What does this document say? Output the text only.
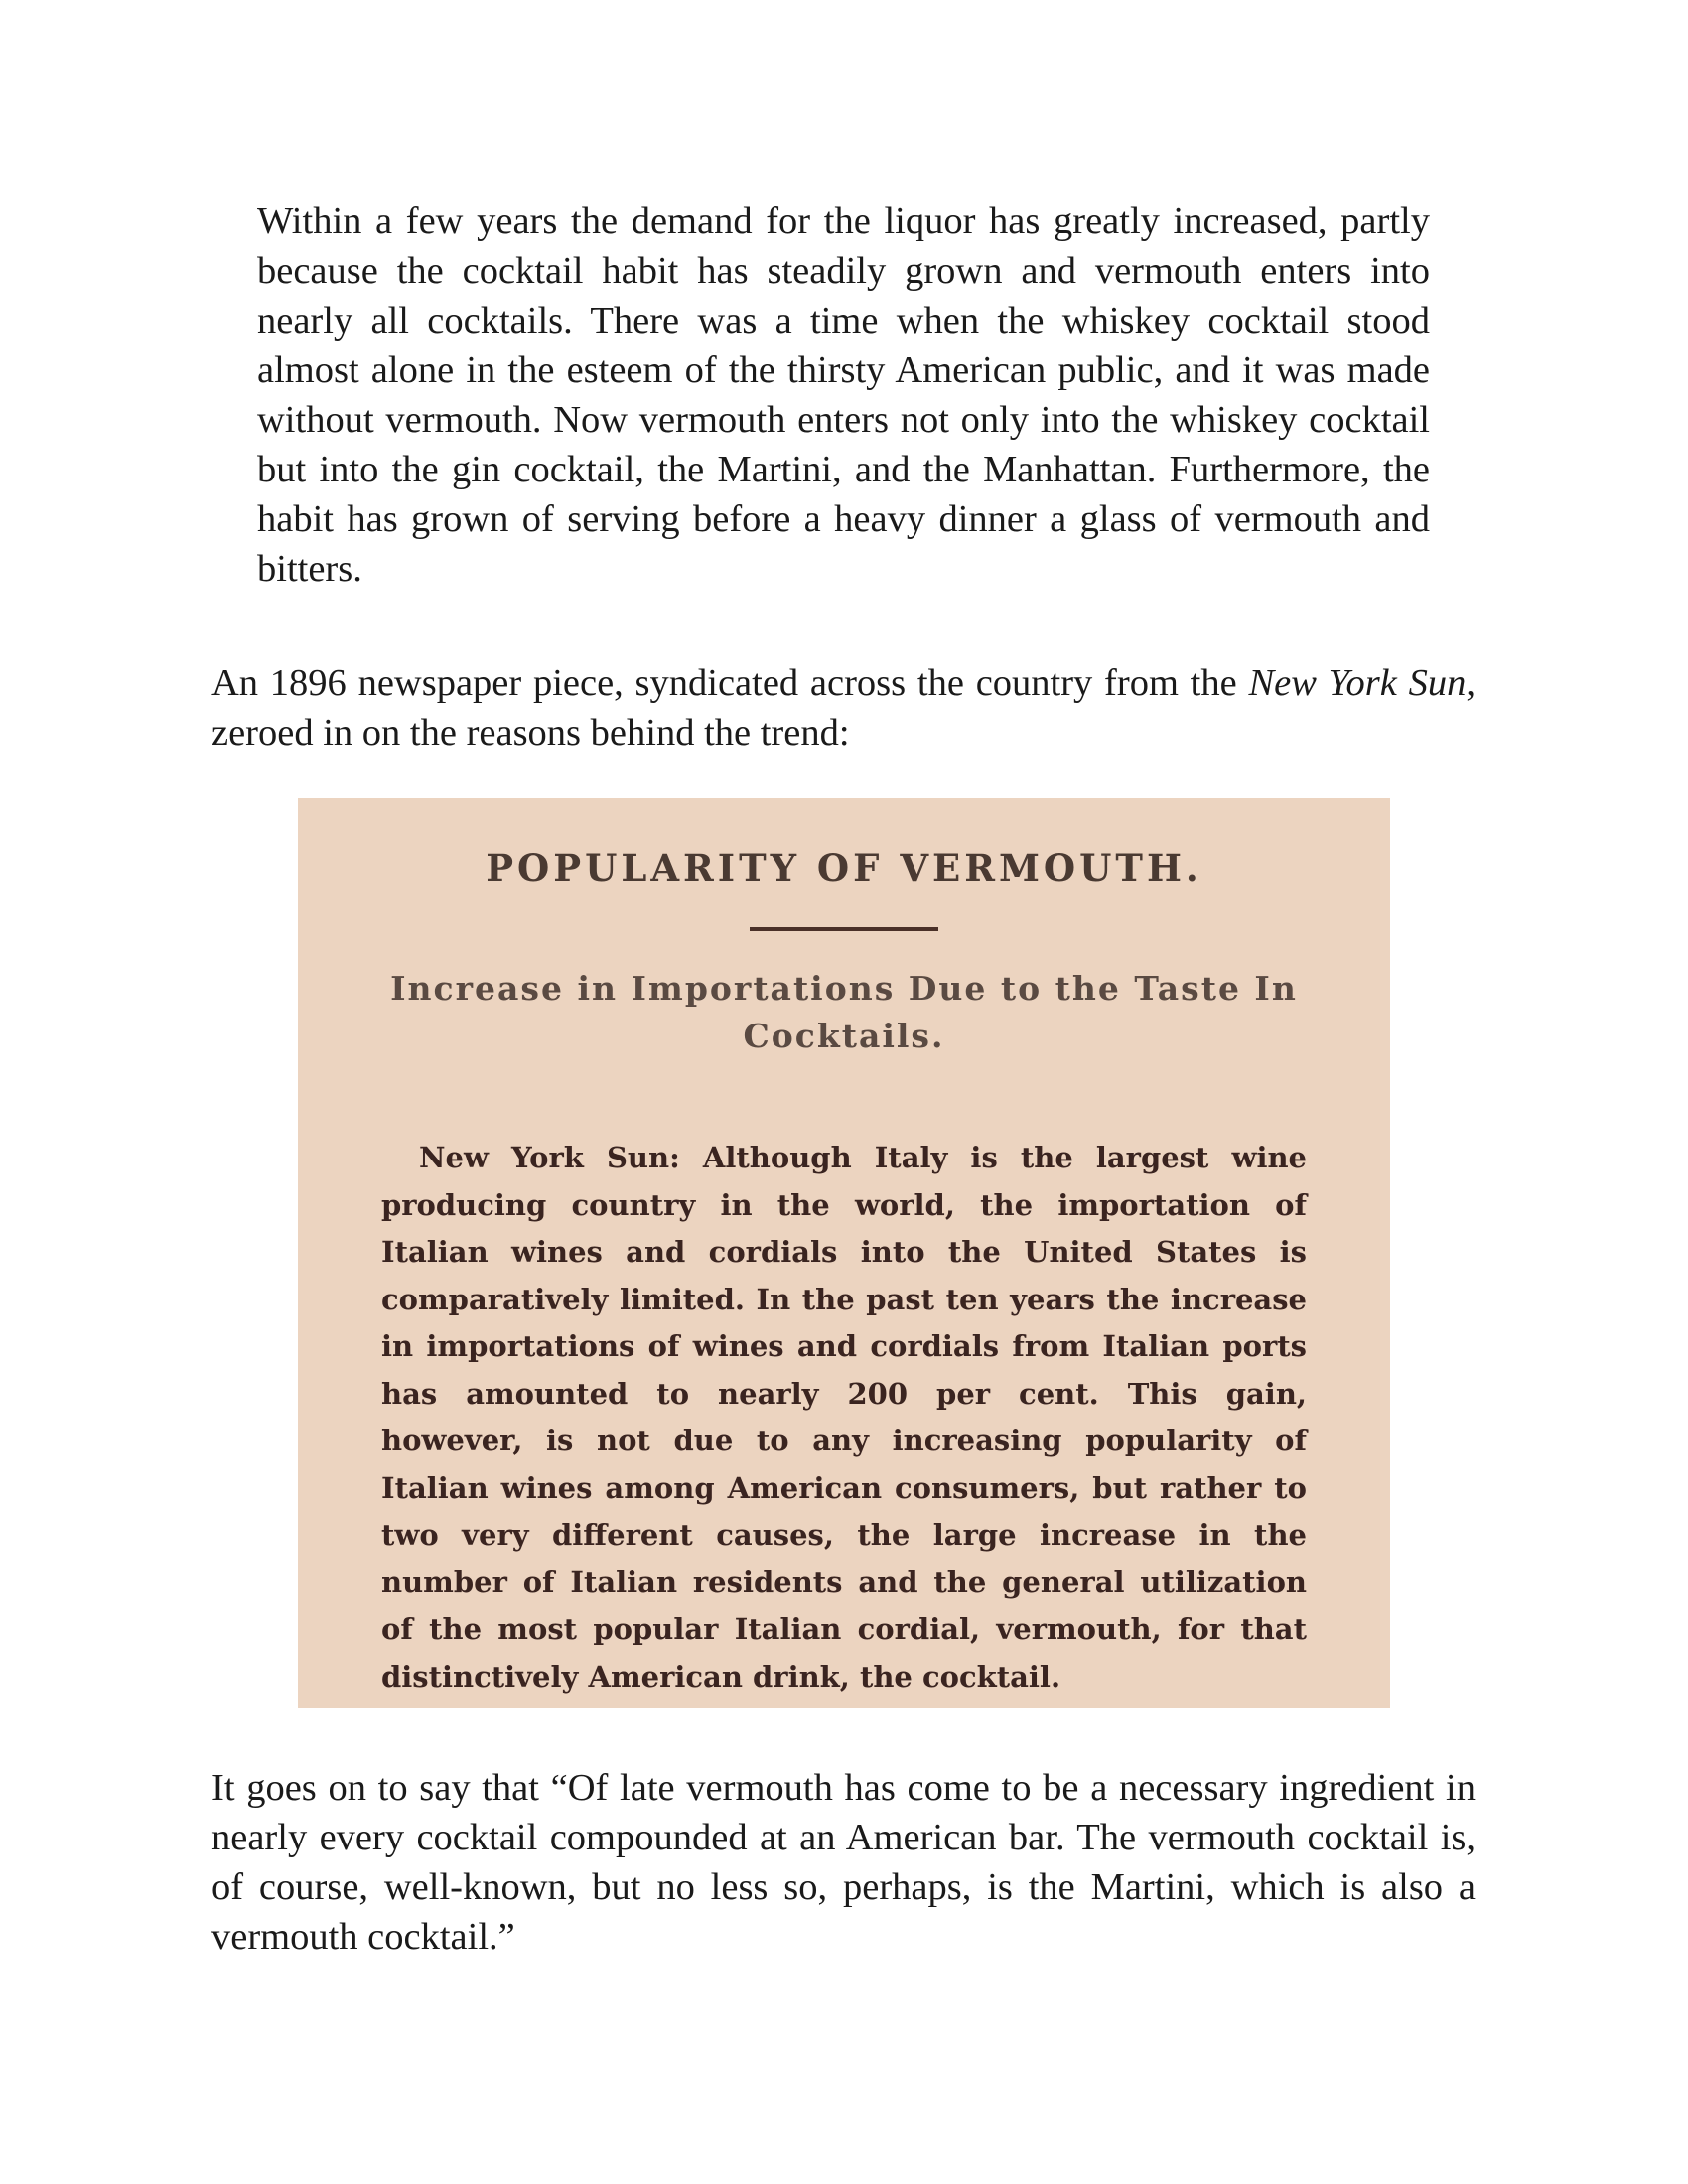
Within a few years the demand for the liquor has greatly increased, partly because the cocktail habit has steadily grown and vermouth enters into nearly all cocktails. There was a time when the whiskey cocktail stood almost alone in the esteem of the thirsty American public, and it was made without vermouth. Now vermouth enters not only into the whiskey cocktail but into the gin cocktail, the Martini, and the Manhattan. Furthermore, the habit has grown of serving before a heavy dinner a glass of vermouth and bitters.

An 1896 newspaper piece, syndicated across the country from the New York Sun, zeroed in on the reasons behind the trend:

POPULARITY OF VERMOUTH.
Increase in Importations Due to the Taste In Cocktails.

New York Sun: Although Italy is the largest wine producing country in the world, the importation of Italian wines and cordials into the United States is comparatively limited. In the past ten years the increase in importations of wines and cordials from Italian ports has amounted to nearly 200 per cent. This gain, however, is not due to any increasing popularity of Italian wines among American consumers, but rather to two very different causes, the large increase in the number of Italian residents and the general utilization of the most popular Italian cordial, vermouth, for that distinctively American drink, the cocktail.

It goes on to say that “Of late vermouth has come to be a necessary ingredient in nearly every cocktail compounded at an American bar. The vermouth cocktail is, of course, well-known, but no less so, perhaps, is the Martini, which is also a vermouth cocktail.”
